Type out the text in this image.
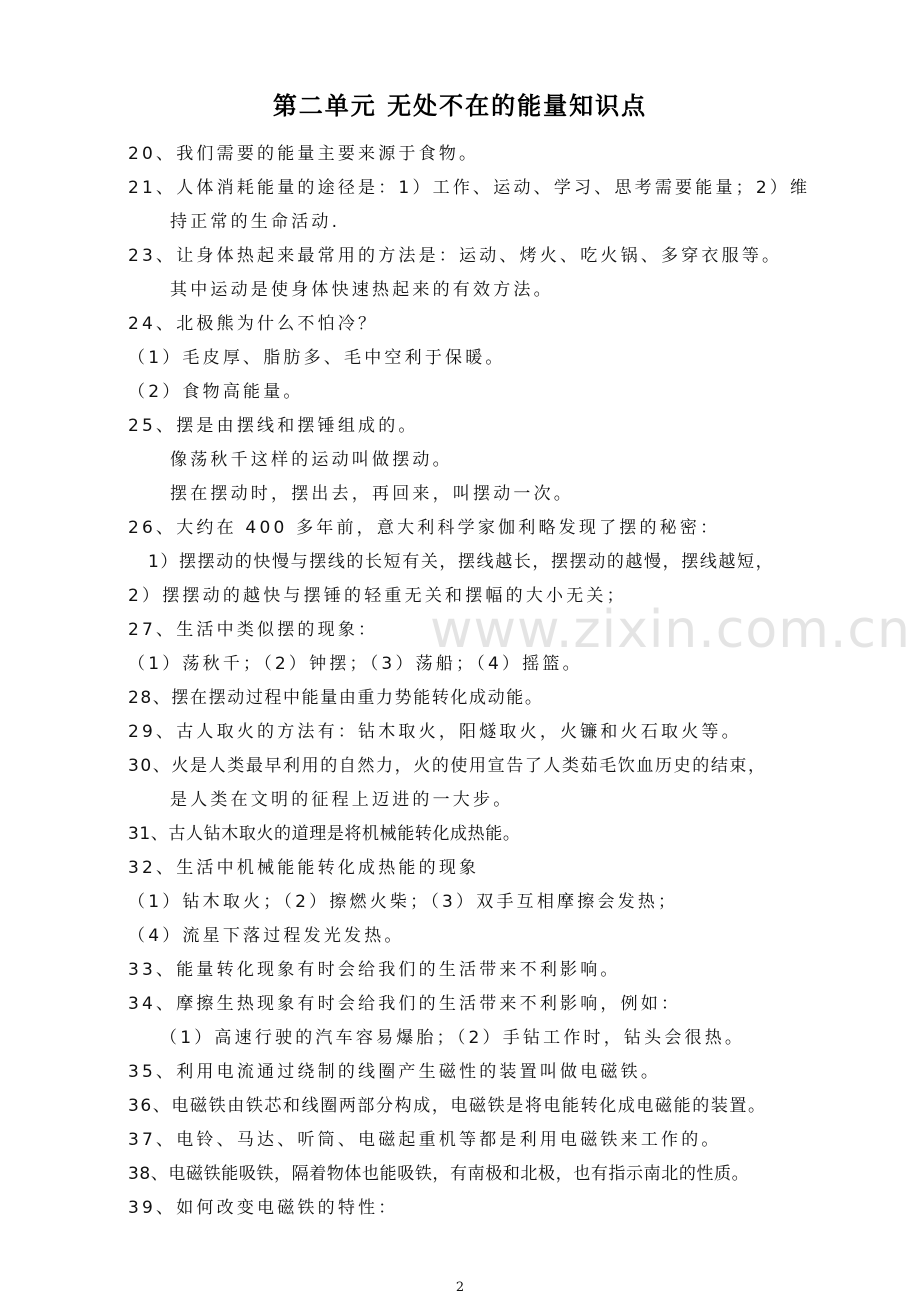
www.zixin.com.cn
第二单元 无处不在的能量知识点
20、我们需要的能量主要来源于食物。
21、人体消耗能量的途径是：1）工作、运动、学习、思考需要能量；2）维
持正常的生命活动.
23、让身体热起来最常用的方法是：运动、烤火、吃火锅、多穿衣服等。
其中运动是使身体快速热起来的有效方法。
24、北极熊为什么不怕冷？
（1）毛皮厚、脂肪多、毛中空利于保暖。
（2）食物高能量。
25、摆是由摆线和摆锤组成的。
像荡秋千这样的运动叫做摆动。
摆在摆动时，摆出去，再回来，叫摆动一次。
26、大约在 400 多年前，意大利科学家伽利略发现了摆的秘密：
1）摆摆动的快慢与摆线的长短有关，摆线越长，摆摆动的越慢，摆线越短，
2）摆摆动的越快与摆锤的轻重无关和摆幅的大小无关；
27、生活中类似摆的现象：
（1）荡秋千；（2）钟摆；（3）荡船；（4）摇篮。
28、摆在摆动过程中能量由重力势能转化成动能。
29、古人取火的方法有：钻木取火，阳燧取火，火镰和火石取火等。
30、火是人类最早利用的自然力，火的使用宣告了人类茹毛饮血历史的结束，
是人类在文明的征程上迈进的一大步。
31、古人钻木取火的道理是将机械能转化成热能。
32、生活中机械能能转化成热能的现象
（1）钻木取火；（2）擦燃火柴；（3）双手互相摩擦会发热；
（4）流星下落过程发光发热。
33、能量转化现象有时会给我们的生活带来不利影响。
34、摩擦生热现象有时会给我们的生活带来不利影响，例如：
（1）高速行驶的汽车容易爆胎；（2）手钻工作时，钻头会很热。
35、利用电流通过绕制的线圈产生磁性的装置叫做电磁铁。
36、电磁铁由铁芯和线圈两部分构成，电磁铁是将电能转化成电磁能的装置。
37、电铃、马达、听筒、电磁起重机等都是利用电磁铁来工作的。
38、电磁铁能吸铁，隔着物体也能吸铁，有南极和北极，也有指示南北的性质。
39、如何改变电磁铁的特性：
2
